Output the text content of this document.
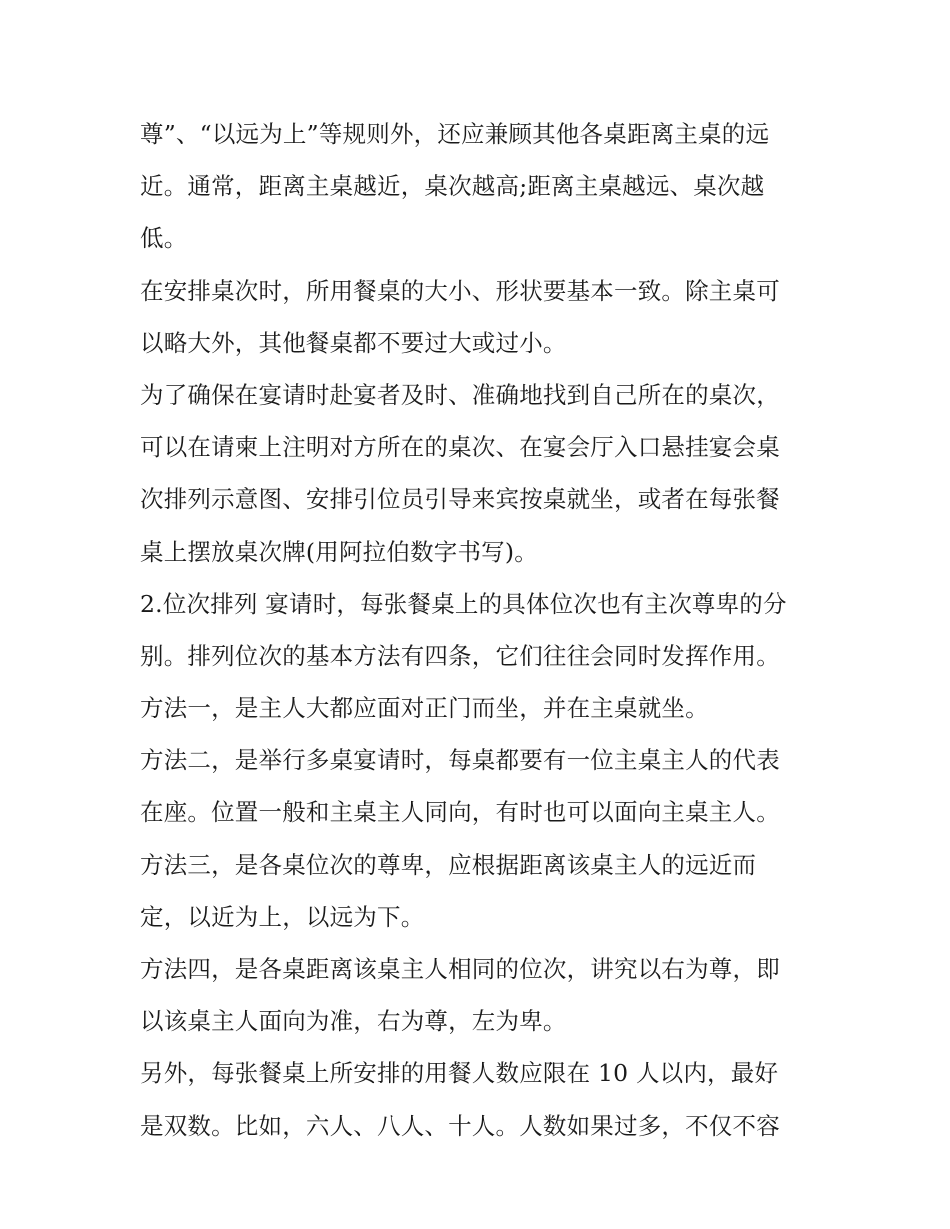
尊”、“以远为上”等规则外，还应兼顾其他各桌距离主桌的远
近。通常，距离主桌越近，桌次越高;距离主桌越远、桌次越
低。
在安排桌次时，所用餐桌的大小、形状要基本一致。除主桌可
以略大外，其他餐桌都不要过大或过小。
为了确保在宴请时赴宴者及时、准确地找到自己所在的桌次，
可以在请柬上注明对方所在的桌次、在宴会厅入口悬挂宴会桌
次排列示意图、安排引位员引导来宾按桌就坐，或者在每张餐
桌上摆放桌次牌(用阿拉伯数字书写)。
2.位次排列 宴请时，每张餐桌上的具体位次也有主次尊卑的分
别。排列位次的基本方法有四条，它们往往会同时发挥作用。
方法一，是主人大都应面对正门而坐，并在主桌就坐。
方法二，是举行多桌宴请时，每桌都要有一位主桌主人的代表
在座。位置一般和主桌主人同向，有时也可以面向主桌主人。
方法三，是各桌位次的尊卑，应根据距离该桌主人的远近而
定，以近为上，以远为下。
方法四，是各桌距离该桌主人相同的位次，讲究以右为尊，即
以该桌主人面向为准，右为尊，左为卑。
另外，每张餐桌上所安排的用餐人数应限在 10 人以内，最好
是双数。比如，六人、八人、十人。人数如果过多，不仅不容
